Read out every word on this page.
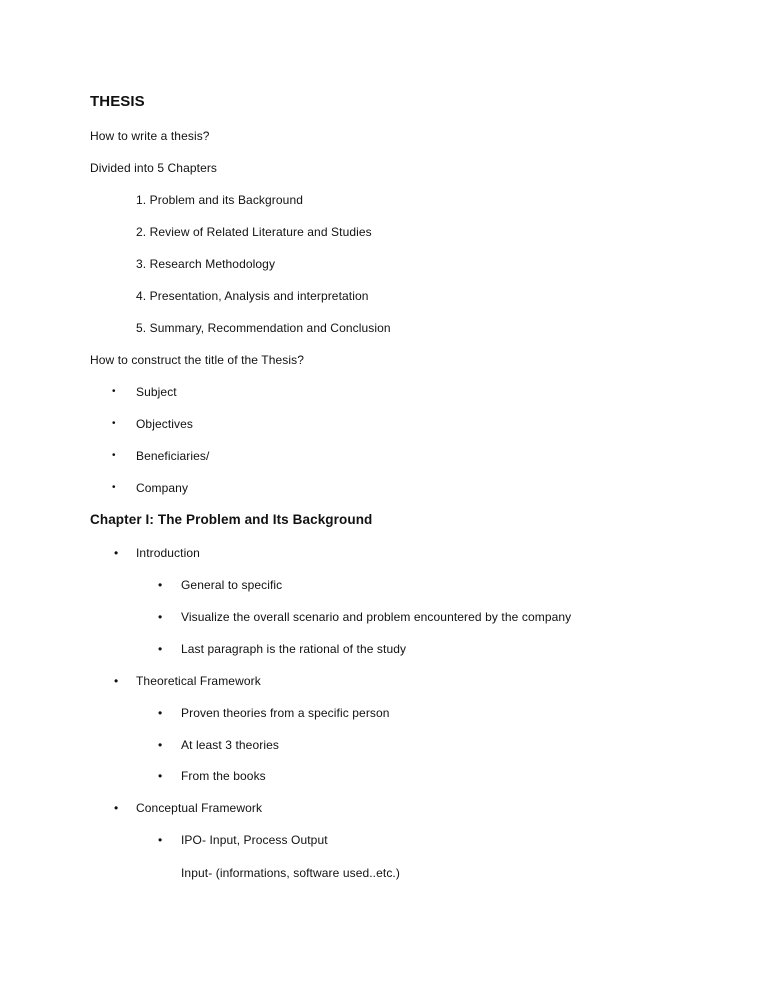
THESIS
How to write a thesis?
Divided into 5 Chapters
1. Problem and its Background
2. Review of Related Literature and Studies
3. Research Methodology
4. Presentation, Analysis and interpretation
5. Summary, Recommendation and Conclusion
How to construct the title of the Thesis?
• Subject
• Objectives
• Beneficiaries/
• Company
Chapter I: The Problem and Its Background
• Introduction
• General to specific
• Visualize the overall scenario and problem encountered by the company
• Last paragraph is the rational of the study
• Theoretical Framework
• Proven theories from a specific person
• At least 3 theories
• From the books
• Conceptual Framework
• IPO- Input, Process Output
Input- (informations, software used..etc.)
